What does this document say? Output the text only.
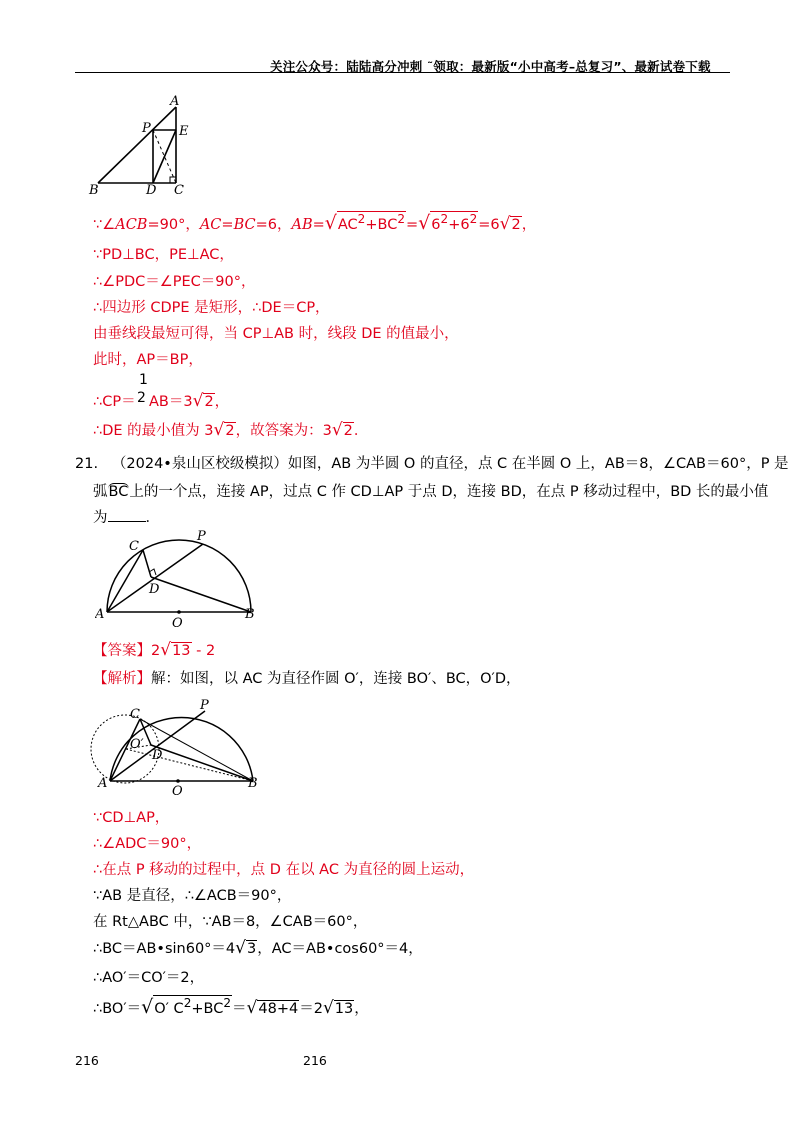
关注公众号：陆陆高分冲刺 ˜领取：最新版“小中高考–总复习”、最新试卷下载
A
P E
B	D C
∵∠ACB=90°，AC=BC=6，$AB=√AC^2+BC^2=√6^2+6^2=6√2$，
∵PD⊥BC，PE⊥AC，
∴∠PDC＝∠PEC＝90°，
∴四边形 CDPE 是矩形，∴DE＝CP，
由垂线段最短可得，当 CP⊥AB 时，线段 DE 的值最小，
此时，AP＝BP，
∴CP＝
1
2 AB＝3√2，
∴DE 的最小值为 3√2，故答案为：3√2．
21. （2024•泉山区校级模拟）如图，AB 为半圆 O 的直径，点 C 在半圆 O 上，AB＝8，∠CAB＝60°，P 是
弧BC上的一个点，连接 AP，过点 C 作 CD⊥AP 于点 D，连接 BD，在点 P 移动过程中，BD 长的最小值
为	．
C
P
D
A
O
B
【答案】2√13 - 2
【解析】解：如图，以 AC 为直径作圆 O′，连接 BO′、BC，O′D，
C
P
O′
D
A
O
B
∵CD⊥AP，
∴∠ADC＝90°，
∴在点 P 移动的过程中，点 D 在以 AC 为直径的圆上运动，
∵AB 是直径，∴∠ACB＝90°，
在 Rt△ABC 中，∵AB＝8，∠CAB＝60°，
∴BC＝AB•sin60°＝4√3，AC＝AB•cos60°＝4，
∴AO′＝CO′＝2，
∴BO′＝√O′ $C^2+BC^2=√48+4=2√13$，
216	216
